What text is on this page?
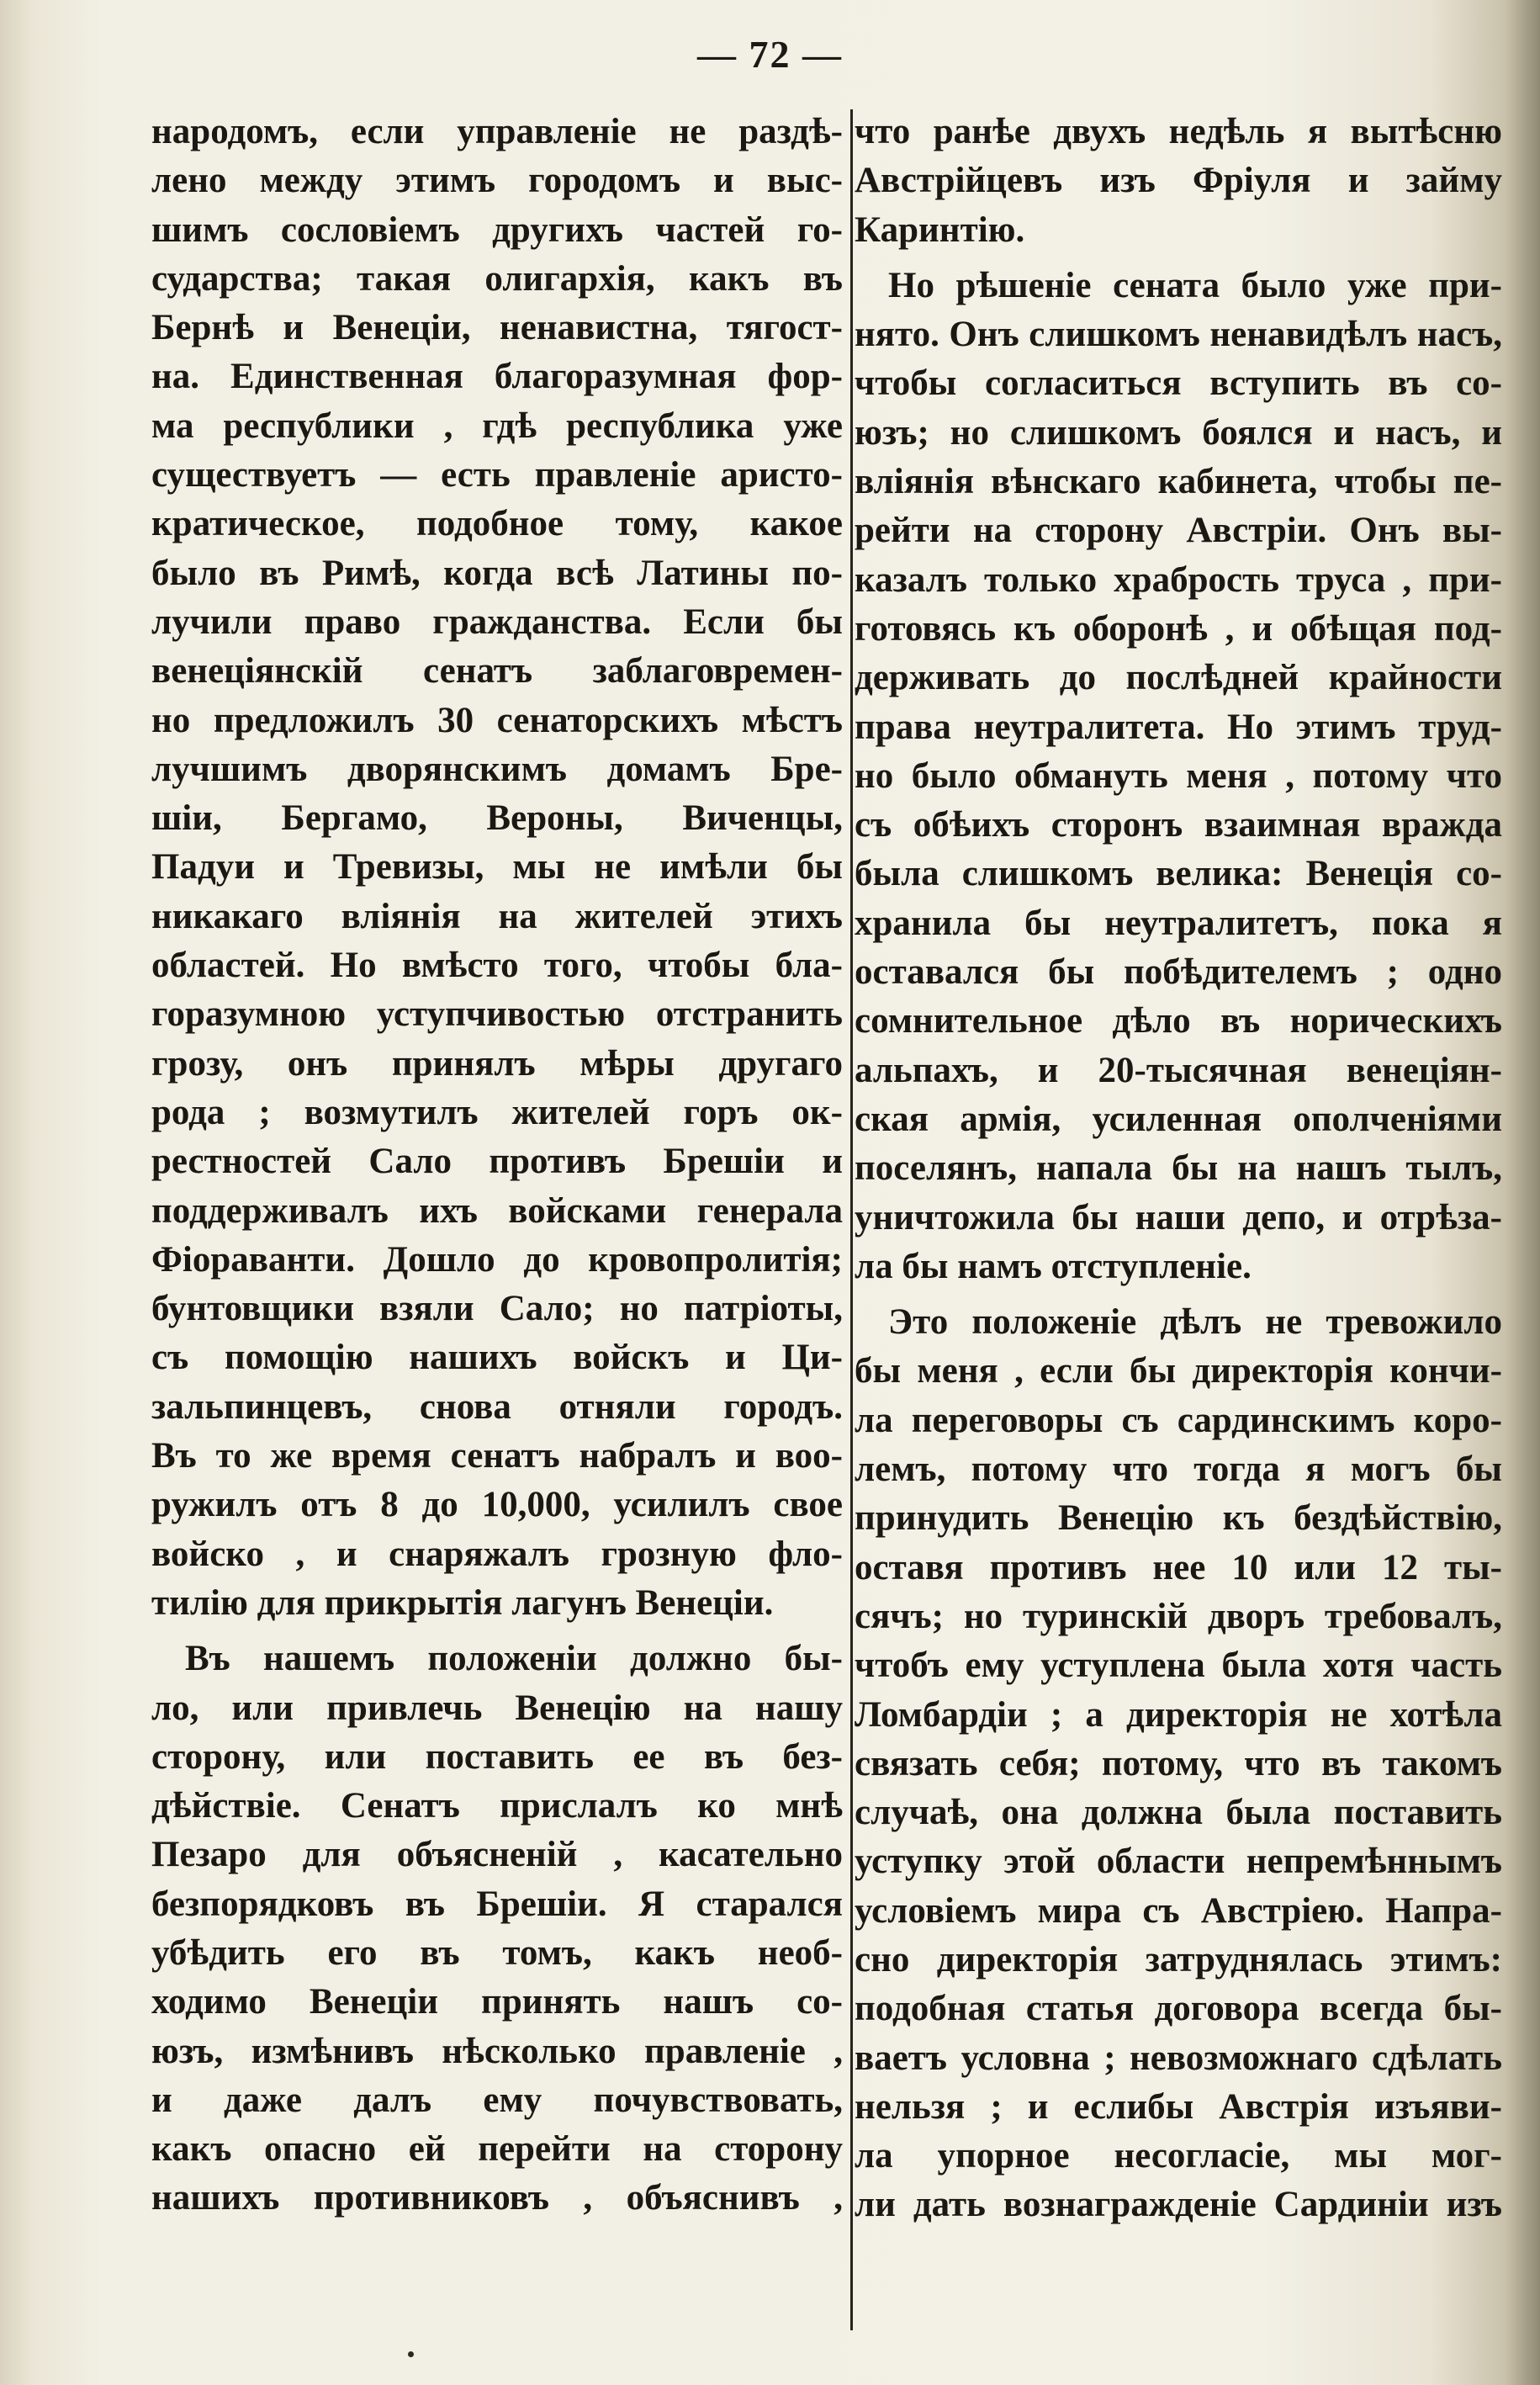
— 72 —
народомъ, если управленіе не раздѣ-
лено между этимъ городомъ и выс-
шимъ сословіемъ другихъ частей го-
сударства; такая олигархія, какъ въ
Бернѣ и Венеціи, ненавистна, тягост-
на. Единственная благоразумная фор-
ма республики , гдѣ республика уже
существуетъ — есть правленіе аристо-
кратическое, подобное тому, какое
было въ Римѣ, когда всѣ Латины по-
лучили право гражданства. Если бы
венеціянскій сенатъ заблаговремен-
но предложилъ 30 сенаторскихъ мѣстъ
лучшимъ дворянскимъ домамъ Бре-
шіи, Бергамо, Вероны, Виченцы,
Падуи и Тревизы, мы не имѣли бы
никакаго вліянія на жителей этихъ
областей. Но вмѣсто того, чтобы бла-
горазумною уступчивостью отстранить
грозу, онъ принялъ мѣры другаго
рода ; возмутилъ жителей горъ ок-
рестностей Сало противъ Брешіи и
поддерживалъ ихъ войсками генерала
Фіораванти. Дошло до кровопролитія;
бунтовщики взяли Сало; но патріоты,
съ помощію нашихъ войскъ и Ци-
зальпинцевъ, снова отняли городъ.
Въ то же время сенатъ набралъ и воо-
ружилъ отъ 8 до 10,000, усилилъ свое
войско , и снаряжалъ грозную фло-
тилію для прикрытія лагунъ Венеціи.
Въ нашемъ положеніи должно бы-
ло, или привлечь Венецію на нашу
сторону, или поставить ее въ без-
дѣйствіе. Сенатъ прислалъ ко мнѣ
Пезаро для объясненій , касательно
безпорядковъ въ Брешіи. Я старался
убѣдить его въ томъ, какъ необ-
ходимо Венеціи принять нашъ со-
юзъ, измѣнивъ нѣсколько правленіе ,
и даже далъ ему почувствовать,
какъ опасно ей перейти на сторону
нашихъ противниковъ , объяснивъ ,
что ранѣе двухъ недѣль я вытѣсню
Австрійцевъ изъ Фріуля и займу
Каринтію.
Но рѣшеніе сената было уже при-
нято. Онъ слишкомъ ненавидѣлъ насъ,
чтобы согласиться вступить въ со-
юзъ; но слишкомъ боялся и насъ, и
вліянія вѣнскаго кабинета, чтобы пе-
рейти на сторону Австріи. Онъ вы-
казалъ только храбрость труса , при-
готовясь къ оборонѣ , и обѣщая под-
держивать до послѣдней крайности
права неутралитета. Но этимъ труд-
но было обмануть меня , потому что
съ обѣихъ сторонъ взаимная вражда
была слишкомъ велика: Венеція со-
хранила бы неутралитетъ, пока я
оставался бы побѣдителемъ ; одно
сомнительное дѣло въ норическихъ
альпахъ, и 20-тысячная венеціян-
ская армія, усиленная ополченіями
поселянъ, напала бы на нашъ тылъ,
уничтожила бы наши депо, и отрѣза-
ла бы намъ отступленіе.
Это положеніе дѣлъ не тревожило
бы меня , если бы директорія кончи-
ла переговоры съ сардинскимъ коро-
лемъ, потому что тогда я могъ бы
принудить Венецію къ бездѣйствію,
оставя противъ нее 10 или 12 ты-
сячъ; но туринскій дворъ требовалъ,
чтобъ ему уступлена была хотя часть
Ломбардіи ; а директорія не хотѣла
связать себя; потому, что въ такомъ
случаѣ, она должна была поставить
уступку этой области непремѣннымъ
условіемъ мира съ Австріею. Напра-
сно директорія затруднялась этимъ:
подобная статья договора всегда бы-
ваетъ условна ; невозможнаго сдѣлать
нельзя ; и еслибы Австрія изъяви-
ла упорное несогласіе, мы мог-
ли дать вознагражденіе Сардиніи изъ
